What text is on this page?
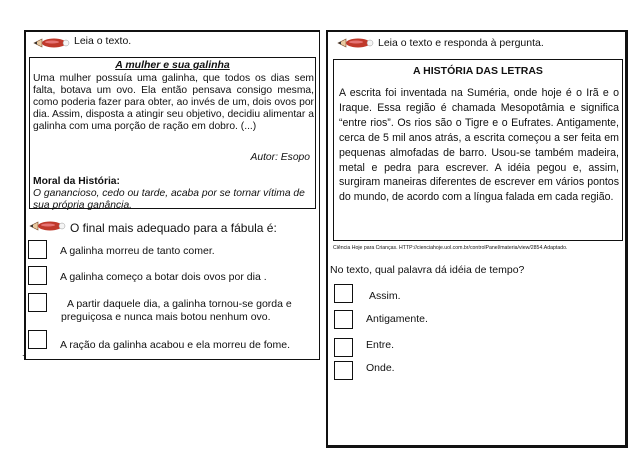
Leia o texto.
A mulher e sua galinha
Uma mulher possuía uma galinha, que todos os dias sem falta, botava um ovo. Ela então pensava consigo mesma, como poderia fazer para obter, ao invés de um, dois ovos por dia. Assim, disposta a atingir seu objetivo, decidiu alimentar a galinha com uma porção de ração em dobro. (...)
Autor: Esopo
Moral da História:
O ganancioso, cedo ou tarde, acaba por se tornar vítima de sua própria ganância.
O final mais adequado para a fábula é:
A galinha morreu de tanto comer.
A galinha começo a botar dois ovos por dia .
A partir daquele dia, a galinha tornou-se gorda e preguiçosa e nunca mais botou nenhum ovo.
A ração da galinha acabou e ela morreu de fome.
.
Leia o texto e responda à pergunta.
A HISTÓRIA DAS LETRAS
A escrita foi inventada na Suméria, onde hoje é o Irã e o Iraque. Essa região é chamada Mesopotâmia e significa “entre rios”. Os rios são o Tigre e o Eufrates. Antigamente, cerca de 5 mil anos atrás, a escrita começou a ser feita em pequenas almofadas de barro. Usou-se também madeira, metal e pedra para escrever. A idéia pegou e, assim, surgiram maneiras diferentes de escrever em vários pontos do mundo, de acordo com a língua falada em cada região.
Ciência Hoje para Crianças. HTTP://cienciahoje.uol.com.br/controlPanel/materia/view/2854.Adaptado.
No texto, qual palavra dá idéia de tempo?
Assim.
Antigamente.
Entre.
Onde.
